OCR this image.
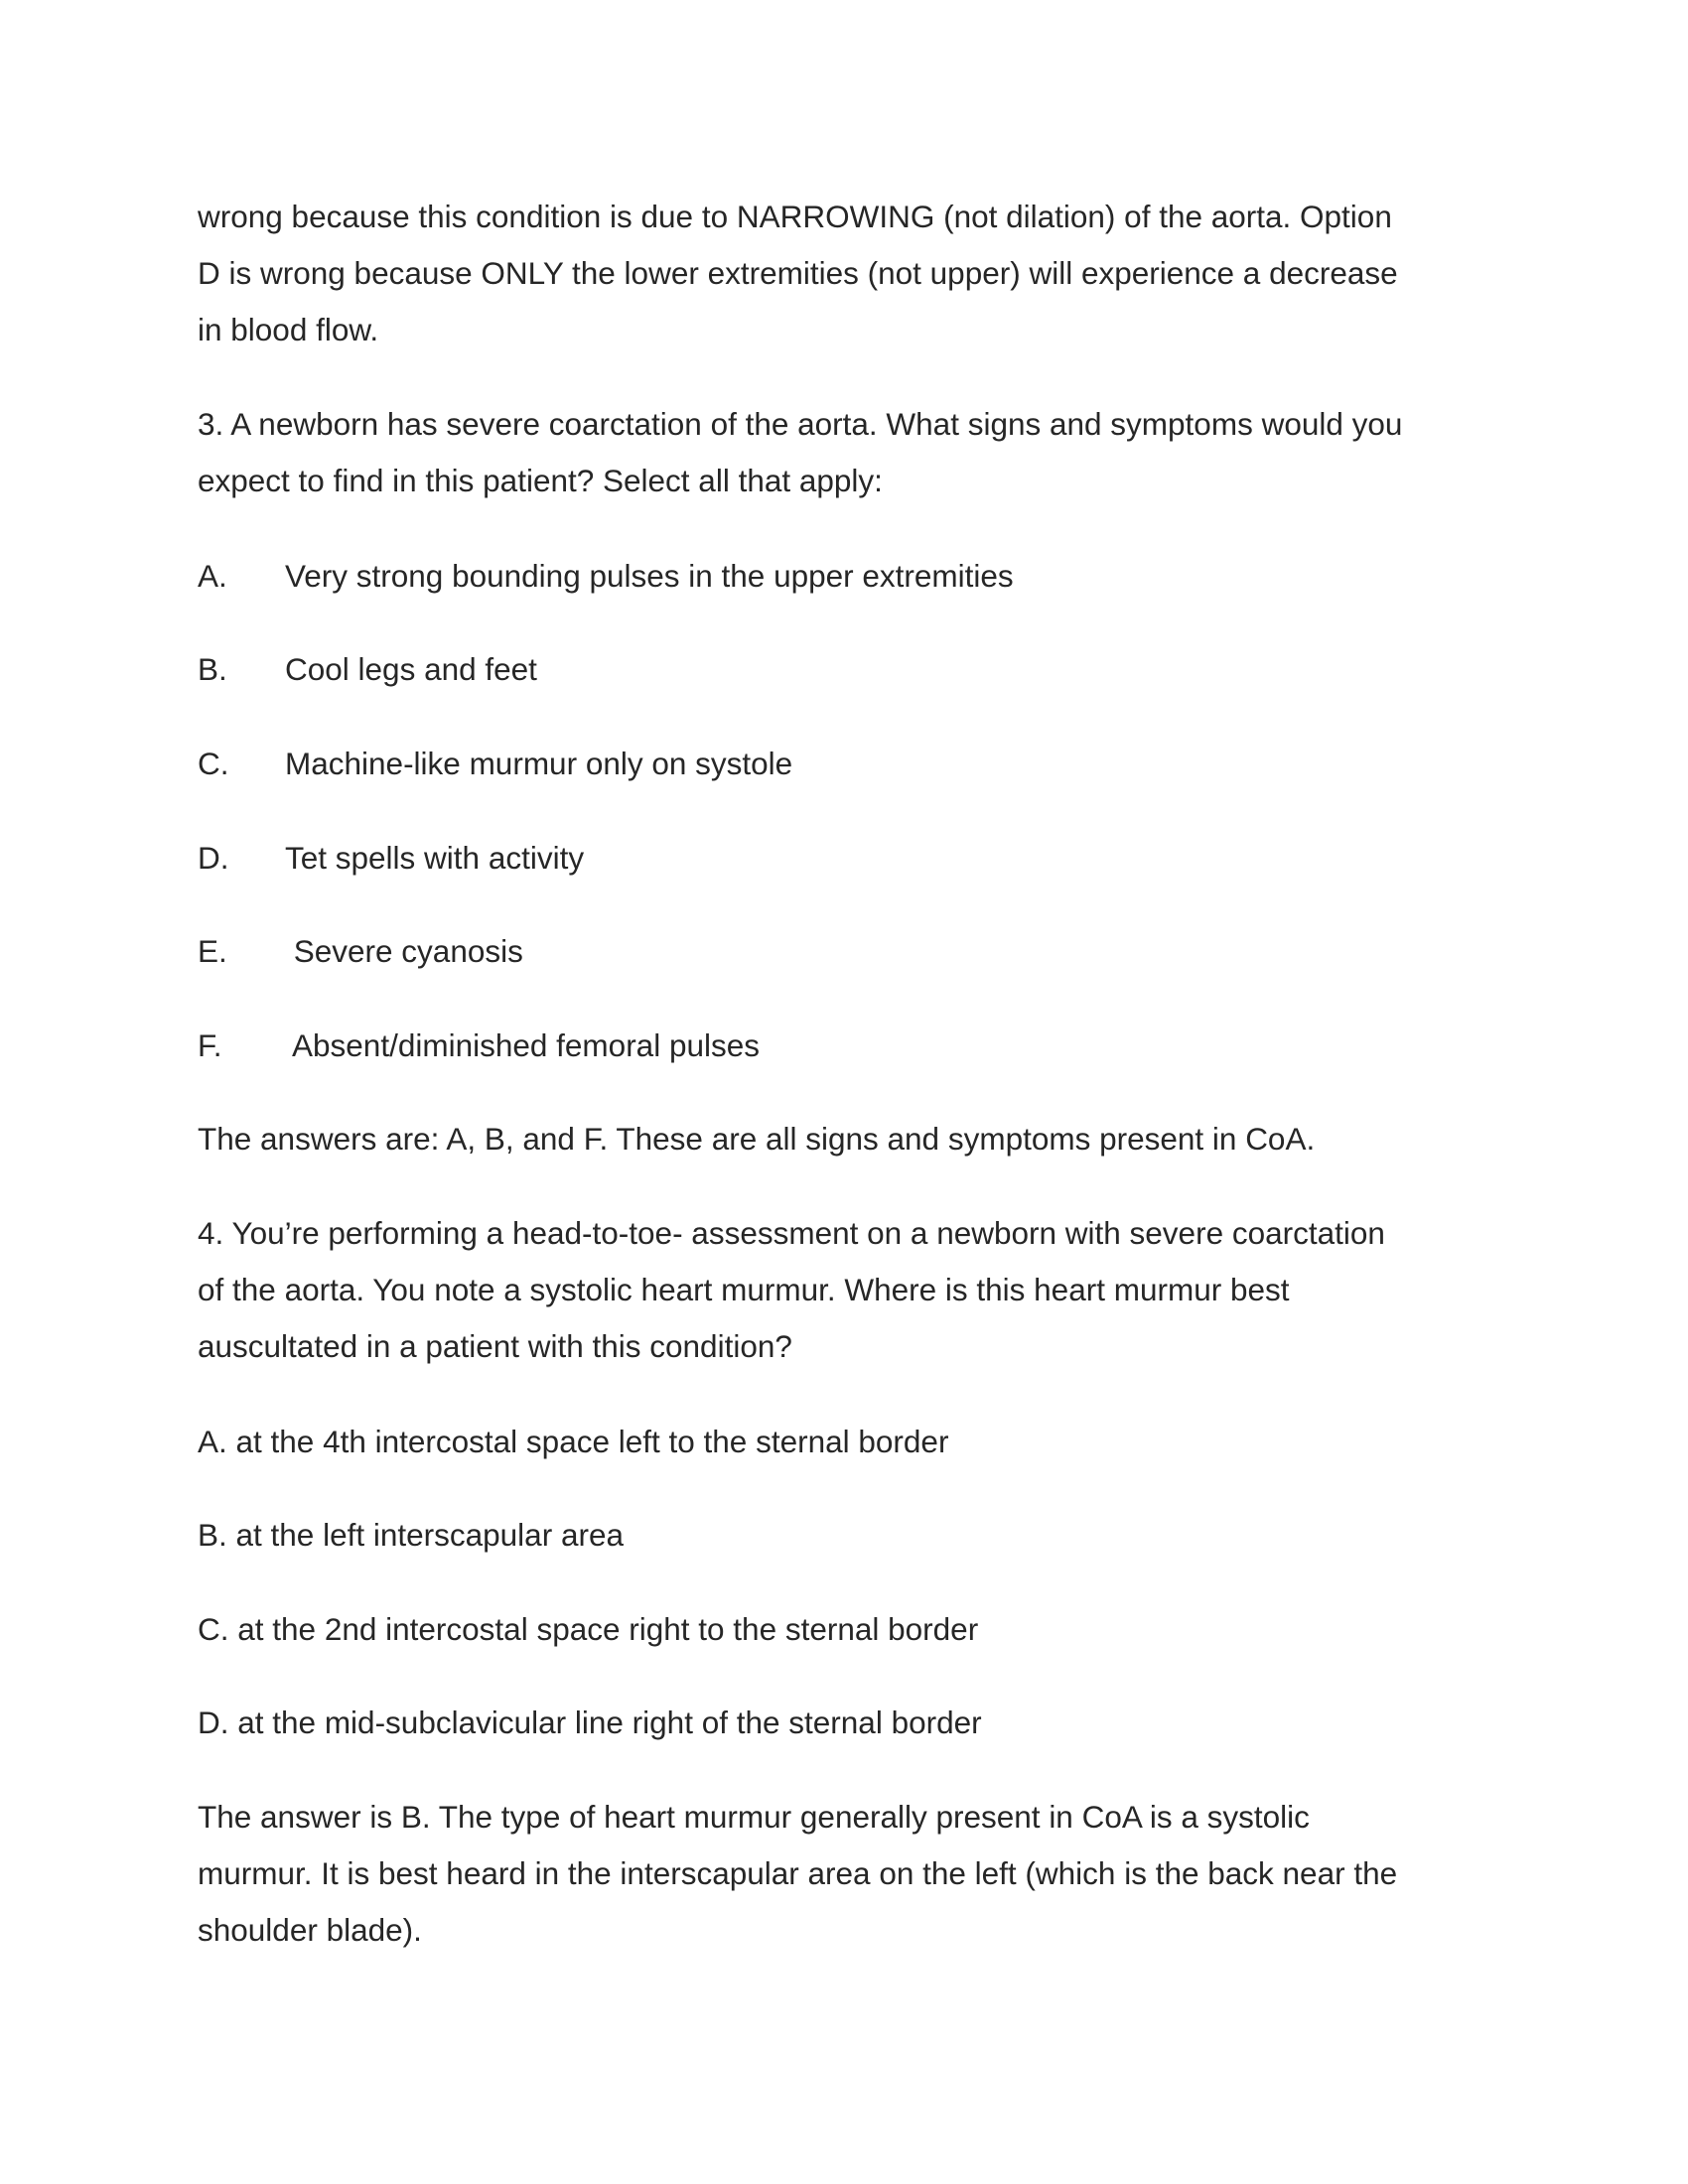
wrong because this condition is due to NARROWING (not dilation) of the aorta. Option
D is wrong because ONLY the lower extremities (not upper) will experience a decrease
in blood flow.

3. A newborn has severe coarctation of the aorta. What signs and symptoms would you
expect to find in this patient? Select all that apply:

A. Very strong bounding pulses in the upper extremities
B. Cool legs and feet
C. Machine-like murmur only on systole
D. Tet spells with activity
E. Severe cyanosis
F. Absent/diminished femoral pulses

The answers are: A, B, and F. These are all signs and symptoms present in CoA.

4. You’re performing a head-to-toe- assessment on a newborn with severe coarctation
of the aorta. You note a systolic heart murmur. Where is this heart murmur best
auscultated in a patient with this condition?

A. at the 4th intercostal space left to the sternal border
B. at the left interscapular area
C. at the 2nd intercostal space right to the sternal border
D. at the mid-subclavicular line right of the sternal border

The answer is B. The type of heart murmur generally present in CoA is a systolic
murmur. It is best heard in the interscapular area on the left (which is the back near the
shoulder blade).
